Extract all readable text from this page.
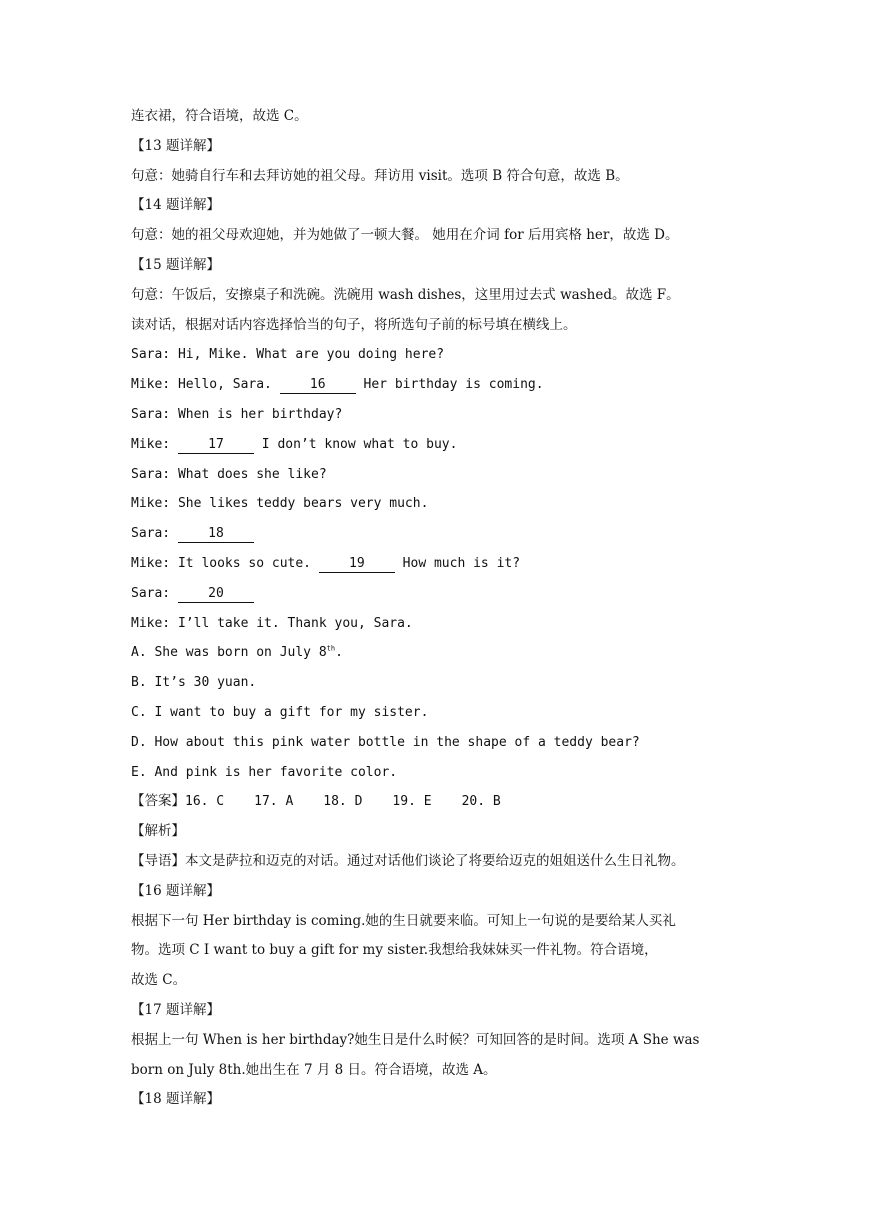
连衣裙，符合语境，故选 C。
【13 题详解】
句意：她骑自行车和去拜访她的祖父母。拜访用 visit。选项 B 符合句意，故选 B。
【14 题详解】
句意：她的祖父母欢迎她，并为她做了一顿大餐。 她用在介词 for 后用宾格 her，故选 D。
【15 题详解】
句意：午饭后，安擦桌子和洗碗。洗碗用 wash dishes，这里用过去式 washed。故选 F。
读对话，根据对话内容选择恰当的句子，将所选句子前的标号填在横线上。
Sara: Hi, Mike. What are you doing here?
Mike: Hello, Sara. 16 Her birthday is coming.
Sara: When is her birthday?
Mike: 17 I don’t know what to buy.
Sara: What does she like?
Mike: She likes teddy bears very much.
Sara: 18
Mike: It looks so cute. 19 How much is it?
Sara: 20
Mike: I’ll take it. Thank you, Sara.
A. She was born on July 8th.
B. It’s 30 yuan.
C. I want to buy a gift for my sister.
D. How about this pink water bottle in the shape of a teddy bear?
E. And pink is her favorite color.
【答案】16. C 17. A 18. D 19. E 20. B
【解析】
【导语】本文是萨拉和迈克的对话。通过对话他们谈论了将要给迈克的姐姐送什么生日礼物。
【16 题详解】
根据下一句 Her birthday is coming.她的生日就要来临。可知上一句说的是要给某人买礼
物。选项 C I want to buy a gift for my sister.我想给我妹妹买一件礼物。符合语境，
故选 C。
【17 题详解】
根据上一句 When is her birthday?她生日是什么时候？可知回答的是时间。选项 A She was
born on July 8th.她出生在 7 月 8 日。符合语境，故选 A。
【18 题详解】
